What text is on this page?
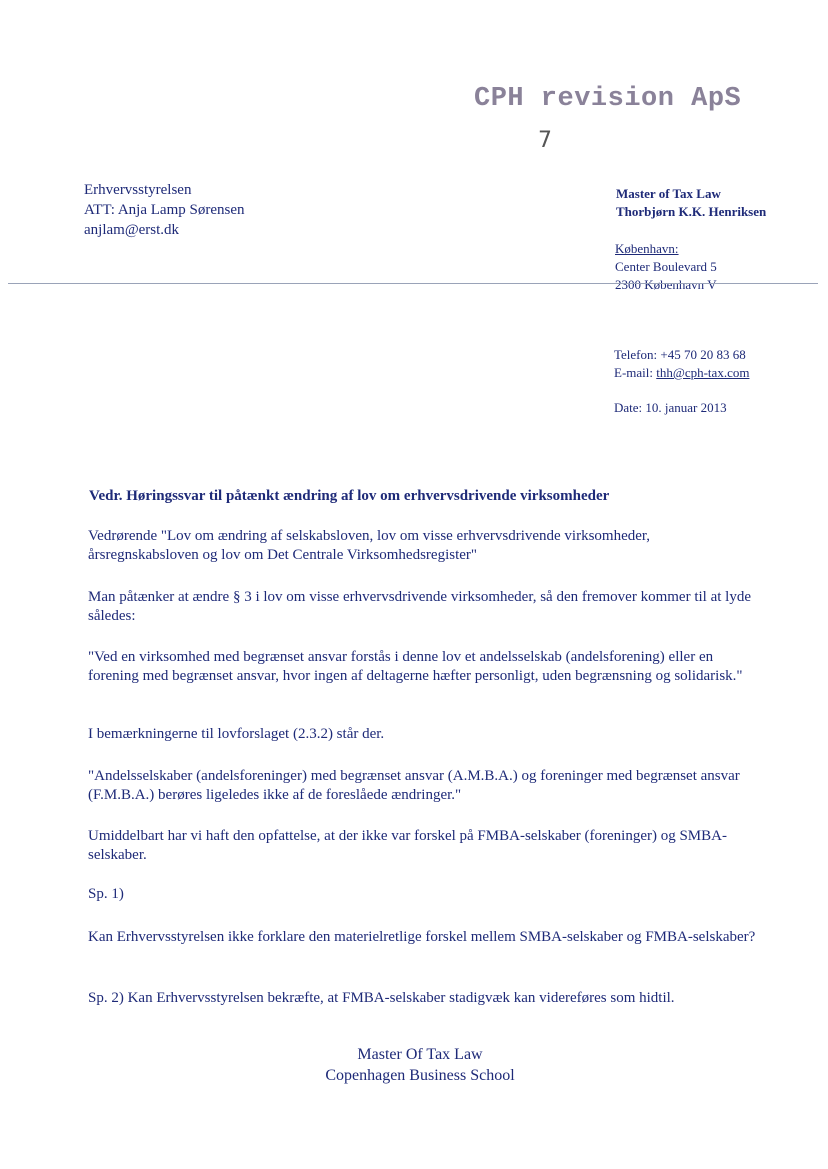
CPH revision ApS
7
Erhvervsstyrelsen
ATT: Anja Lamp Sørensen
anjlam@erst.dk
Master of Tax Law
Thorbjørn K.K. Henriksen
København:
Center Boulevard 5
2300 København V
Telefon: +45 70 20 83 68
E-mail: thh@cph-tax.com
Date: 10. januar 2013
Vedr. Høringssvar til påtænkt ændring af lov om erhvervsdrivende virksomheder
Vedrørende "Lov om ændring af selskabsloven, lov om visse erhvervsdrivende virksomheder, årsregnskabsloven og lov om Det Centrale Virksomhedsregister"
Man påtænker at ændre § 3 i lov om visse erhvervsdrivende virksomheder, så den fremover kommer til at lyde således:
"Ved en virksomhed med begrænset ansvar forstås i denne lov et andelsselskab (andelsforening) eller en forening med begrænset ansvar, hvor ingen af deltagerne hæfter personligt, uden begrænsning og solidarisk."
I bemærkningerne til lovforslaget (2.3.2) står der.
"Andelsselskaber (andelsforeninger) med begrænset ansvar (A.M.B.A.) og foreninger med begrænset ansvar (F.M.B.A.) berøres ligeledes ikke af de foreslåede ændringer."
Umiddelbart har vi haft den opfattelse, at der ikke var forskel på FMBA-selskaber (foreninger) og SMBA-selskaber.
Sp. 1)
Kan Erhvervsstyrelsen ikke forklare den materielretlige forskel mellem SMBA-selskaber og FMBA-selskaber?
Sp. 2) Kan Erhvervsstyrelsen bekræfte, at FMBA-selskaber stadigvæk kan videreføres som hidtil.
Master Of Tax Law
Copenhagen Business School
